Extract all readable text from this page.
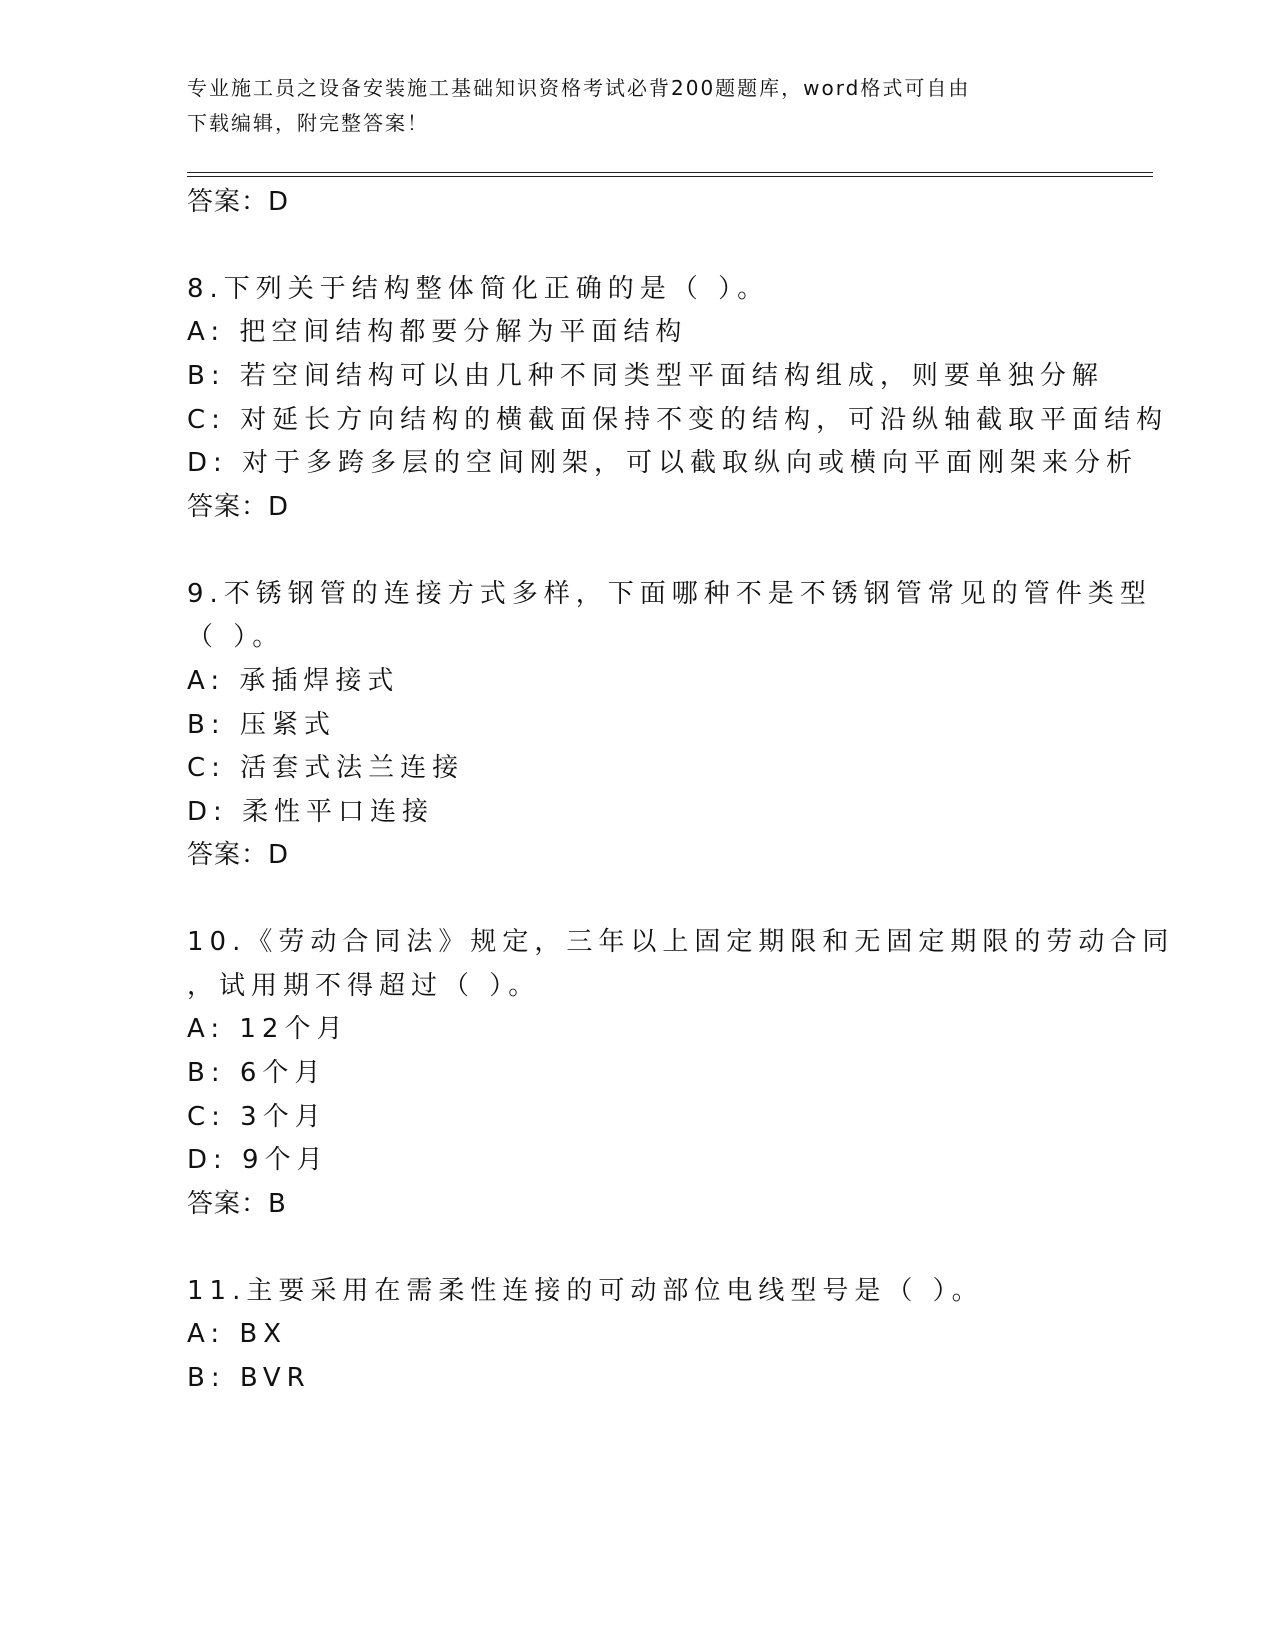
专业施工员之设备安装施工基础知识资格考试必背200题题库，word格式可自由
下载编辑，附完整答案！
答案：D
8.下列关于结构整体简化正确的是（ ）。
A: 把空间结构都要分解为平面结构
B: 若空间结构可以由几种不同类型平面结构组成，则要单独分解
C: 对延长方向结构的横截面保持不变的结构，可沿纵轴截取平面结构
D: 对于多跨多层的空间刚架，可以截取纵向或横向平面刚架来分析
答案：D
9.不锈钢管的连接方式多样，下面哪种不是不锈钢管常见的管件类型
（ ）。
A: 承插焊接式
B: 压紧式
C: 活套式法兰连接
D: 柔性平口连接
答案：D
10.《劳动合同法》规定，三年以上固定期限和无固定期限的劳动合同
，试用期不得超过（ ）。
A: 12个月
B: 6个月
C: 3个月
D: 9个月
答案：B
11.主要采用在需柔性连接的可动部位电线型号是（ ）。
A: BX
B: BVR
